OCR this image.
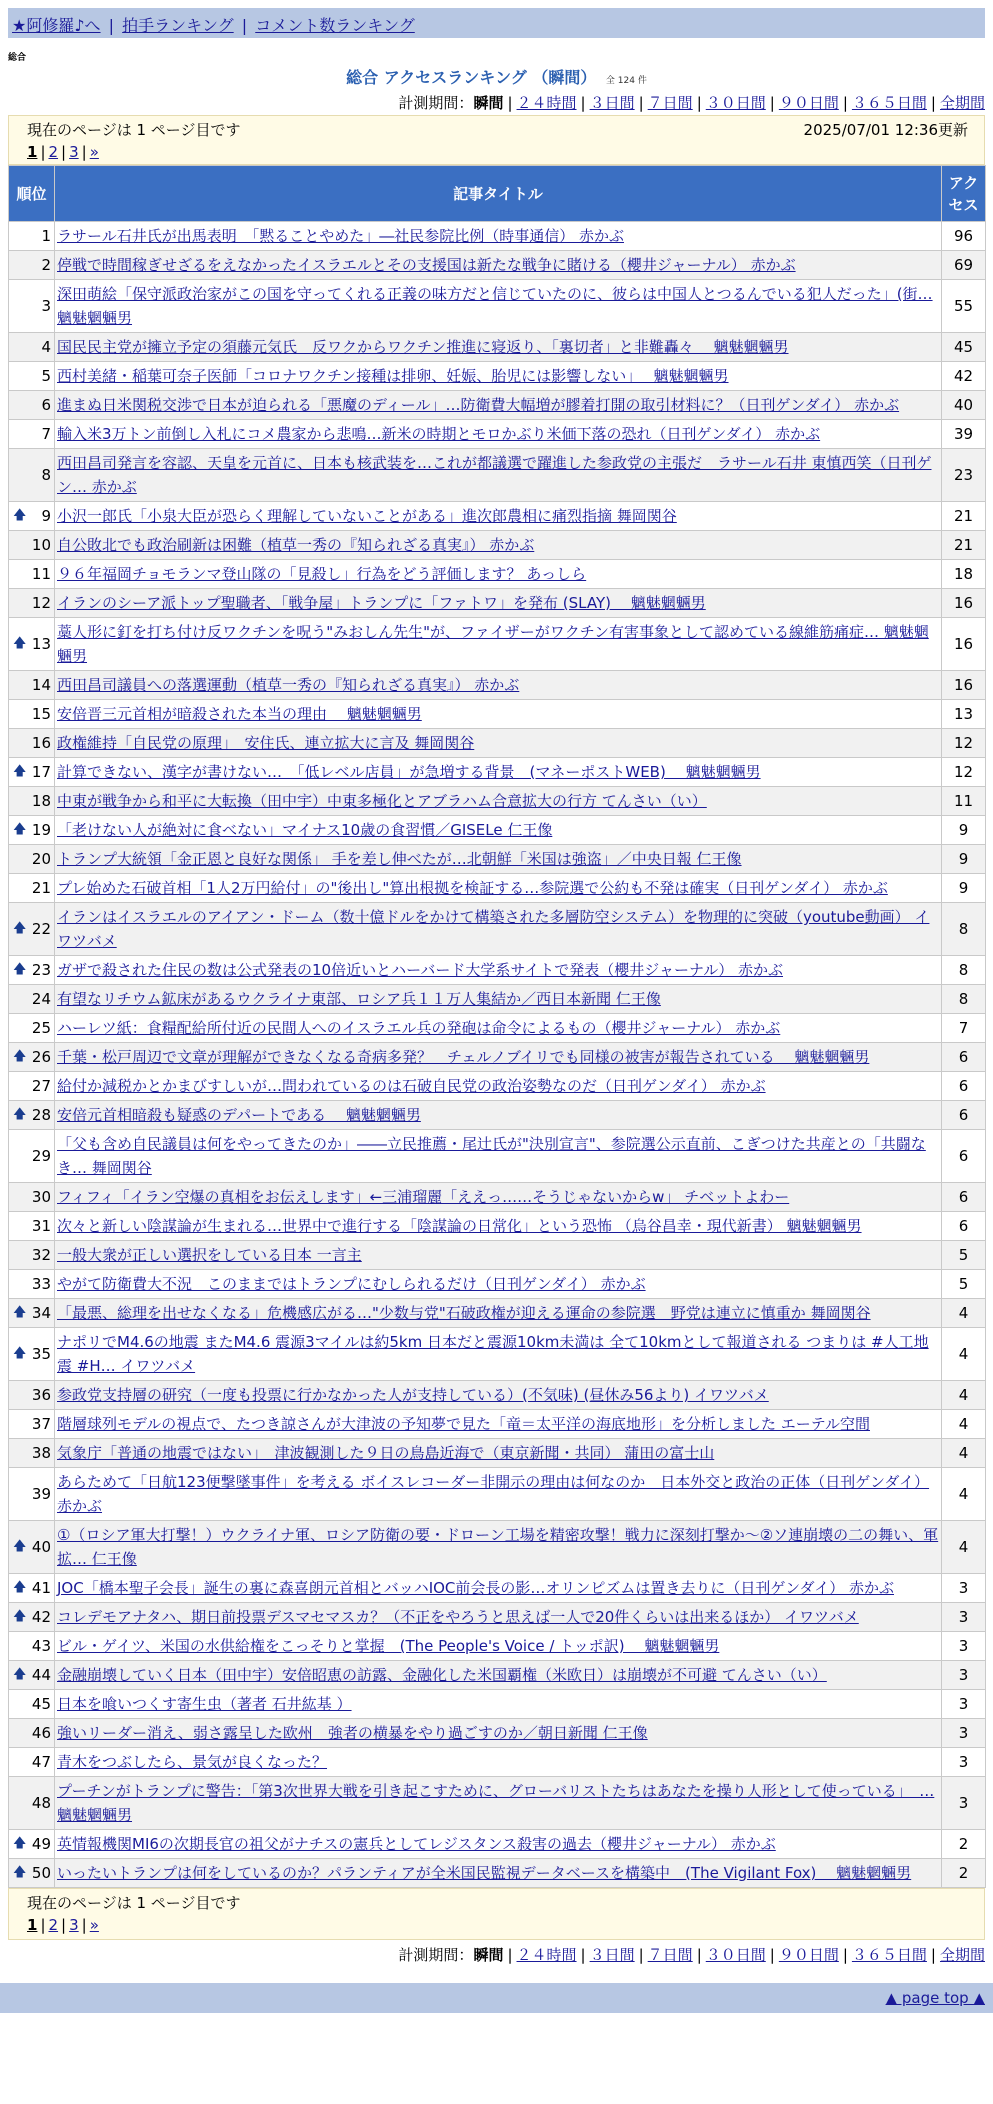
★阿修羅♪へ | 拍手ランキング | コメント数ランキング
総合
総合 アクセスランキング （瞬間） 全 124 件
計測期間：瞬間 | ２４時間 | ３日間 | ７日間 | ３０日間 | ９０日間 | ３６５日間 | 全期間
現在のページは 1 ページ目です	2025/07/01 12:36更新
1 | 2 | 3 | »
順位	記事タイトル	アクセス
1	ラサール石井氏が出馬表明　「黙ることやめた」―社民参院比例（時事通信） 赤かぶ	96
2	停戦で時間稼ぎせざるをえなかったイスラエルとその支援国は新たな戦争に賭ける（櫻井ジャーナル） 赤かぶ	69
3	深田萌絵「保守派政治家がこの国を守ってくれる正義の味方だと信じていたのに、彼らは中国人とつるんでいる犯人だった」(街… 魑魅魍魎男	55
4	国民民主党が擁立予定の須藤元気氏　反ワクからワクチン推進に寝返り、「裏切者」と非難轟々　 魑魅魍魎男	45
5	西村美緒・稲葉可奈子医師「コロナワクチン接種は排卵、妊娠、胎児には影響しない」　 魑魅魍魎男	42
6	進まぬ日米関税交渉で日本が迫られる「悪魔のディール」…防衛費大幅増が膠着打開の取引材料に？（日刊ゲンダイ） 赤かぶ	40
7	輸入米3万トン前倒し入札にコメ農家から悲鳴…新米の時期とモロかぶり米価下落の恐れ（日刊ゲンダイ） 赤かぶ	39
8	西田昌司発言を容認、天皇を元首に、日本も核武装を…これが都議選で躍進した参政党の主張だ　ラサール石井 東慎西笑（日刊ゲン… 赤かぶ	23

🡅 9	小沢一郎氏「小泉大臣が恐らく理解していないことがある」進次郎農相に痛烈指摘 舞岡関谷	21
10	自公敗北でも政治刷新は困難（植草一秀の『知られざる真実』） 赤かぶ	21
11	９６年福岡チョモランマ登山隊の「見殺し」行為をどう評価します？ あっしら	18
12	イランのシーア派トップ聖職者、「戦争屋」トランプに「ファトワ」を発布 (SLAY)　 魑魅魍魎男	16

🡅 13	藁人形に釘を打ち付け反ワクチンを呪う"みおしん先生"が、ファイザーがワクチン有害事象として認めている線維筋痛症… 魑魅魍魎男	16
14	西田昌司議員への落選運動（植草一秀の『知られざる真実』） 赤かぶ	16
15	安倍晋三元首相が暗殺された本当の理由　 魑魅魍魎男	13
16	政権維持「自民党の原理」　安住氏、連立拡大に言及 舞岡関谷	12

🡅 17	計算できない、漢字が書けない…　「低レベル店員」が急増する背景　(マネーポストWEB)　 魑魅魍魎男	12
18	中東が戦争から和平に大転換（田中宇）中東多極化とアブラハム合意拡大の行方 てんさい（い）	11

🡅 19	「老けない人が絶対に食べない」マイナス10歳の食習慣／GISELe 仁王像	9
20	トランプ大統領「金正恩と良好な関係」 手を差し伸べたが…北朝鮮「米国は強盗」／中央日報 仁王像	9
21	プレ始めた石破首相「1人2万円給付」の"後出し"算出根拠を検証する…参院選で公約も不発は確実（日刊ゲンダイ） 赤かぶ	9

🡅 22	イランはイスラエルのアイアン・ドーム（数十億ドルをかけて構築された多層防空システム）を物理的に突破（youtube動画） イワツバメ	8

🡅 23	ガザで殺された住民の数は公式発表の10倍近いとハーバード大学系サイトで発表（櫻井ジャーナル） 赤かぶ	8
24	有望なリチウム鉱床があるウクライナ東部、ロシア兵１１万人集結か／西日本新聞 仁王像	8
25	ハーレツ紙：食糧配給所付近の民間人へのイスラエル兵の発砲は命令によるもの（櫻井ジャーナル） 赤かぶ	7

🡅 26	千葉・松戸周辺で文章が理解ができなくなる奇病多発？　チェルノブイリでも同様の被害が報告されている　 魑魅魍魎男	6
27	給付か減税かとかまびすしいが…問われているのは石破自民党の政治姿勢なのだ（日刊ゲンダイ） 赤かぶ	6

🡅 28	安倍元首相暗殺も疑惑のデパートである　 魑魅魍魎男	6
29	「父も含め自民議員は何をやってきたのか」――立民推薦・尾辻氏が"決別宣言"、参院選公示直前、こぎつけた共産との「共闘なき… 舞岡関谷	6
30	フィフィ「イラン空爆の真相をお伝えします」←三浦瑠麗「ええっ……そうじゃないからw」 チベットよわー	6
31	次々と新しい陰謀論が生まれる…世界中で進行する「陰謀論の日常化」という恐怖 （烏谷昌幸・現代新書） 魑魅魍魎男	6
32	一般大衆が正しい選択をしている日本 一言主	5
33	やがて防衛費大不況　このままではトランプにむしられるだけ（日刊ゲンダイ） 赤かぶ	5

🡅 34	「最悪、総理を出せなくなる」危機感広がる…"少数与党"石破政権が迎える運命の参院選　野党は連立に慎重か 舞岡関谷	4

🡅 35	ナポリでM4.6の地震 またM4.6 震源3マイルは約5km 日本だと震源10km未満は 全て10kmとして報道される つまりは #人工地震 #H… イワツバメ	4
36	参政党支持層の研究（一度も投票に行かなかった人が支持している）(不気味) (昼休み56より) イワツバメ	4
37	階層球列モデルの視点で、たつき諒さんが大津波の予知夢で見た「竜＝太平洋の海底地形」を分析しました エーテル空間	4
38	気象庁「普通の地震ではない」　津波観測した９日の鳥島近海で（東京新聞・共同） 蒲田の富士山	4
39	あらためて「日航123便撃墜事件」を考える ボイスレコーダー非開示の理由は何なのか　日本外交と政治の正体（日刊ゲンダイ） 赤かぶ	4

🡅 40	①（ロシア軍大打撃！）ウクライナ軍、ロシア防衛の要・ドローン工場を精密攻撃！戦力に深刻打撃か～②ソ連崩壊の二の舞い、軍拡… 仁王像	4

🡅 41	JOC「橋本聖子会長」誕生の裏に森喜朗元首相とバッハIOC前会長の影…オリンピズムは置き去りに（日刊ゲンダイ） 赤かぶ	3

🡅 42	コレデモアナタハ、期日前投票デスマセマスカ？（不正をやろうと思えば一人で20件くらいは出来るほか） イワツバメ	3
43	ビル・ゲイツ、米国の水供給権をこっそりと掌握　(The People's Voice / トッポ訳)　 魑魅魍魎男	3

🡅 44	金融崩壊していく日本（田中宇）安倍昭恵の訪露、金融化した米国覇権（米欧日）は崩壊が不可避 てんさい（い）	3
45	日本を喰いつくす寄生虫（著者 石井紘基 ）	3
46	強いリーダー消え、弱さ露呈した欧州　強者の横暴をやり過ごすのか／朝日新聞 仁王像	3
47	青木をつぶしたら、景気が良くなった？	3
48	プーチンがトランプに警告：「第3次世界大戦を引き起こすために、グローバリストたちはあなたを操り人形として使っている」　… 魑魅魍魎男	3

🡅 49	英情報機関MI6の次期長官の祖父がナチスの憲兵としてレジスタンス殺害の過去（櫻井ジャーナル） 赤かぶ	2

🡅 50	いったいトランプは何をしているのか？パランティアが全米国民監視データベースを構築中　(The Vigilant Fox)　 魑魅魍魎男	2
現在のページは 1 ページ目です
1 | 2 | 3 | »
計測期間：瞬間 | ２４時間 | ３日間 | ７日間 | ３０日間 | ９０日間 | ３６５日間 | 全期間
▲ page top ▲
